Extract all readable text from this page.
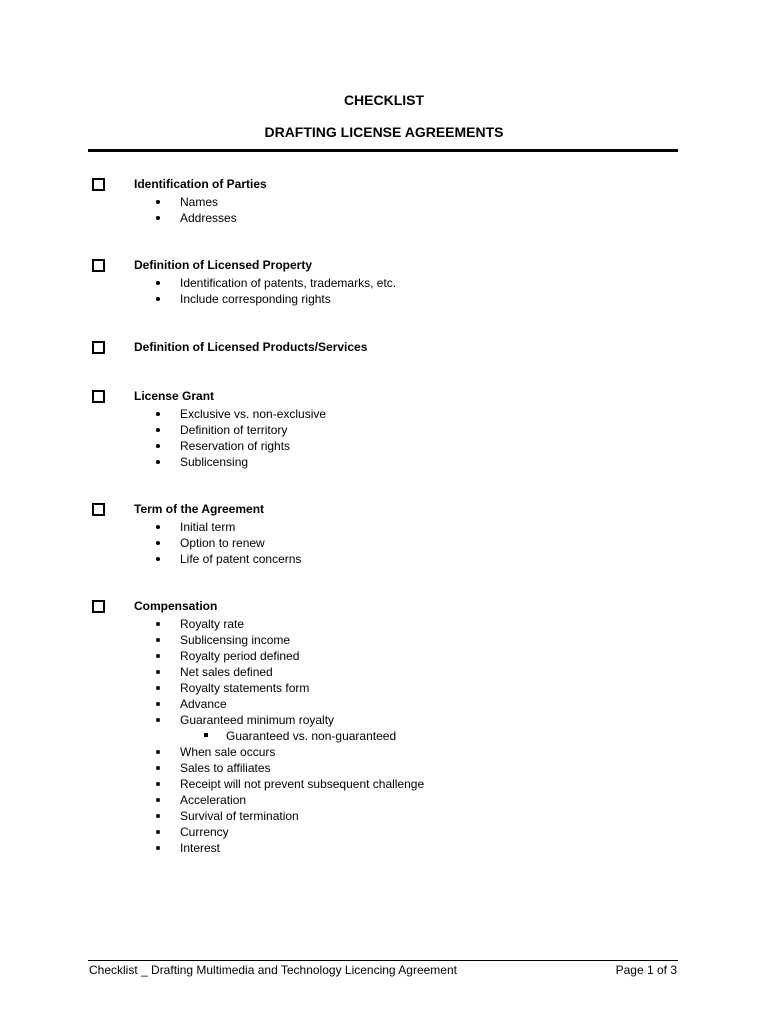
CHECKLIST
DRAFTING LICENSE AGREEMENTS
Identification of Parties
Names
Addresses
Definition of Licensed Property
Identification of patents, trademarks, etc.
Include corresponding rights
Definition of Licensed Products/Services
License Grant
Exclusive vs. non-exclusive
Definition of territory
Reservation of rights
Sublicensing
Term of the Agreement
Initial term
Option to renew
Life of patent concerns
Compensation
Royalty rate
Sublicensing income
Royalty period defined
Net sales defined
Royalty statements form
Advance
Guaranteed minimum royalty
Guaranteed vs. non-guaranteed
When sale occurs
Sales to affiliates
Receipt will not prevent subsequent challenge
Acceleration
Survival of termination
Currency
Interest
Checklist _ Drafting Multimedia and Technology Licencing Agreement	Page 1 of 3
